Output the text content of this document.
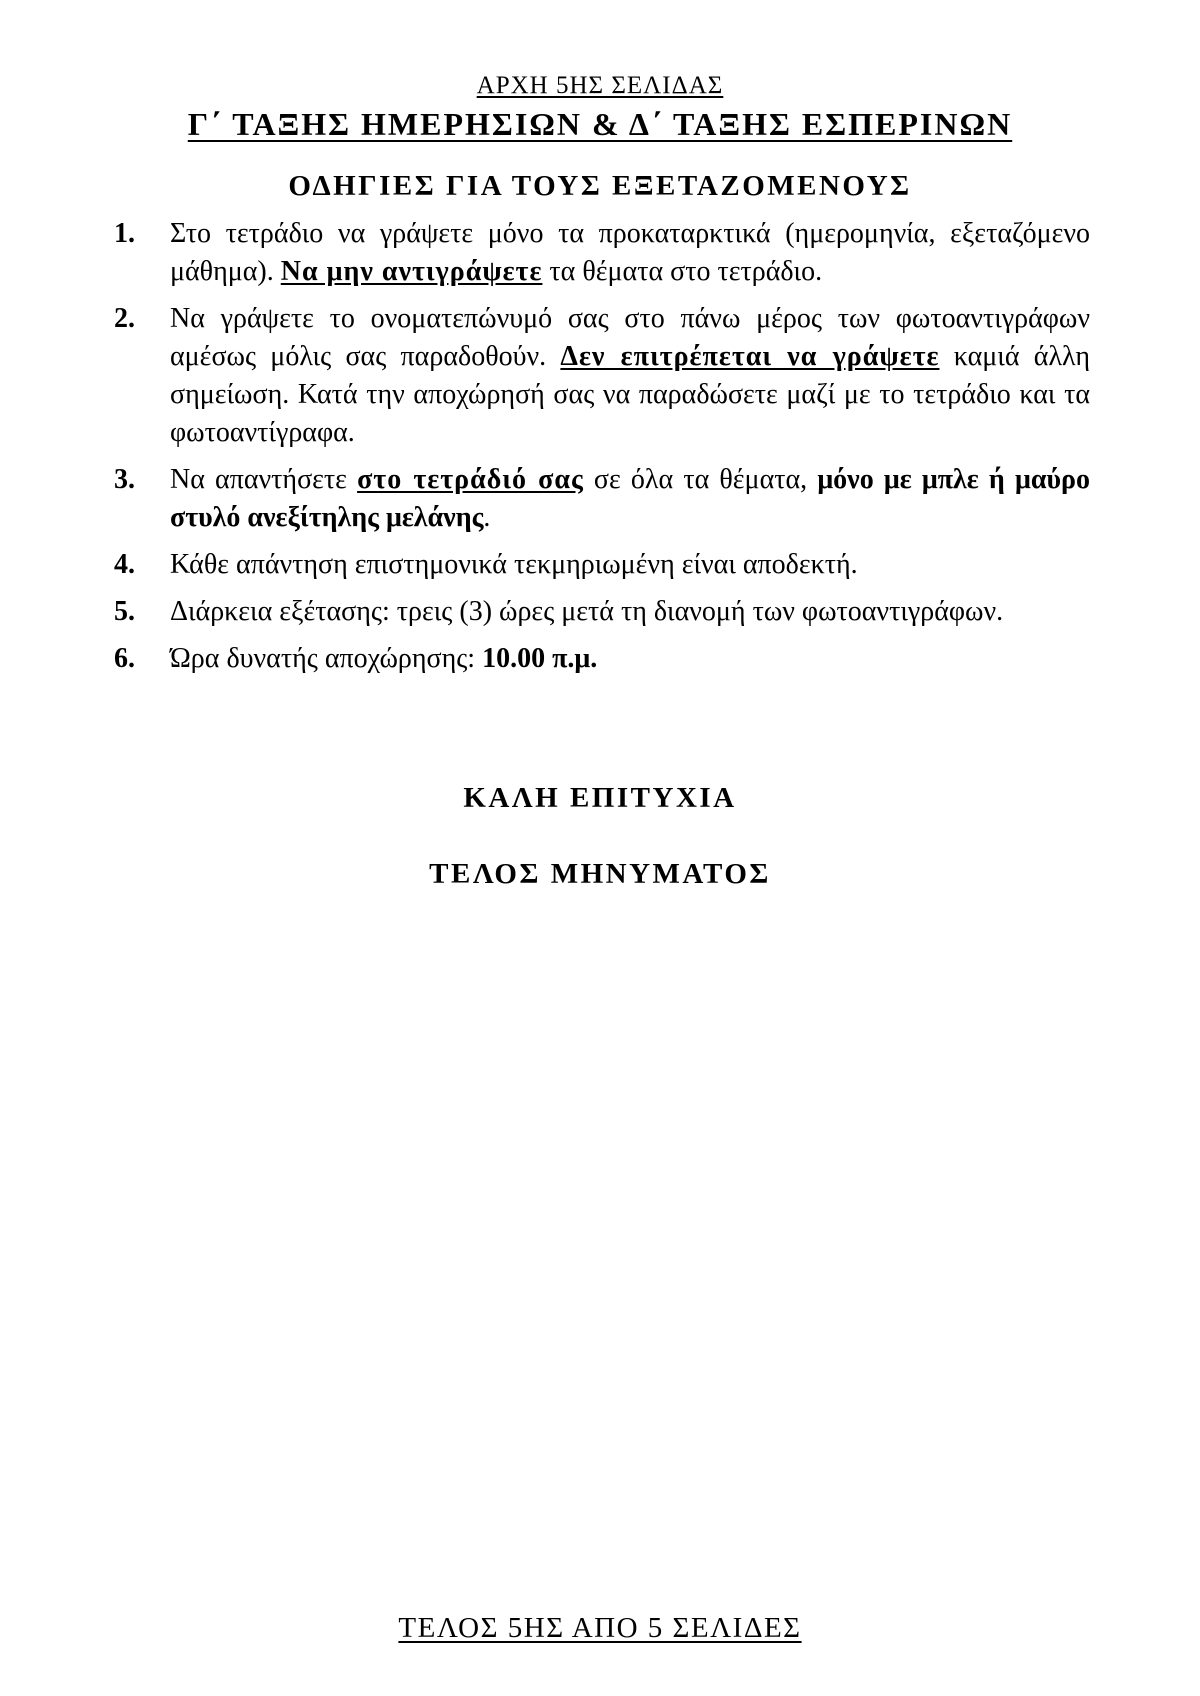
ΑΡΧΗ 5ΗΣ ΣΕΛΙΔΑΣ
Γ΄ ΤΑΞΗΣ ΗΜΕΡΗΣΙΩΝ & Δ΄ ΤΑΞΗΣ ΕΣΠΕΡΙΝΩΝ
ΟΔΗΓΙΕΣ ΓΙΑ ΤΟΥΣ ΕΞΕΤΑΖΟΜΕΝΟΥΣ
1.	Στο τετράδιο να γράψετε μόνο τα προκαταρκτικά (ημερομηνία, εξεταζόμενο μάθημα). Να μην αντιγράψετε τα θέματα στο τετράδιο.
2.	Να γράψετε το ονοματεπώνυμό σας στο πάνω μέρος των φωτοαντιγράφων αμέσως μόλις σας παραδοθούν. Δεν επιτρέπεται να γράψετε καμιά άλλη σημείωση. Κατά την αποχώρησή σας να παραδώσετε μαζί με το τετράδιο και τα φωτοαντίγραφα.
3.	Να απαντήσετε στο τετράδιό σας σε όλα τα θέματα, μόνο με μπλε ή μαύρο στυλό ανεξίτηλης μελάνης.
4.	Κάθε απάντηση επιστημονικά τεκμηριωμένη είναι αποδεκτή.
5.	Διάρκεια εξέτασης: τρεις (3) ώρες μετά τη διανομή των φωτοαντιγράφων.
6.	Ώρα δυνατής αποχώρησης: 10.00 π.μ.
ΚΑΛΗ ΕΠΙΤΥΧΙΑ
ΤΕΛΟΣ ΜΗΝΥΜΑΤΟΣ
ΤΕΛΟΣ 5ΗΣ ΑΠΟ 5 ΣΕΛΙΔΕΣ
